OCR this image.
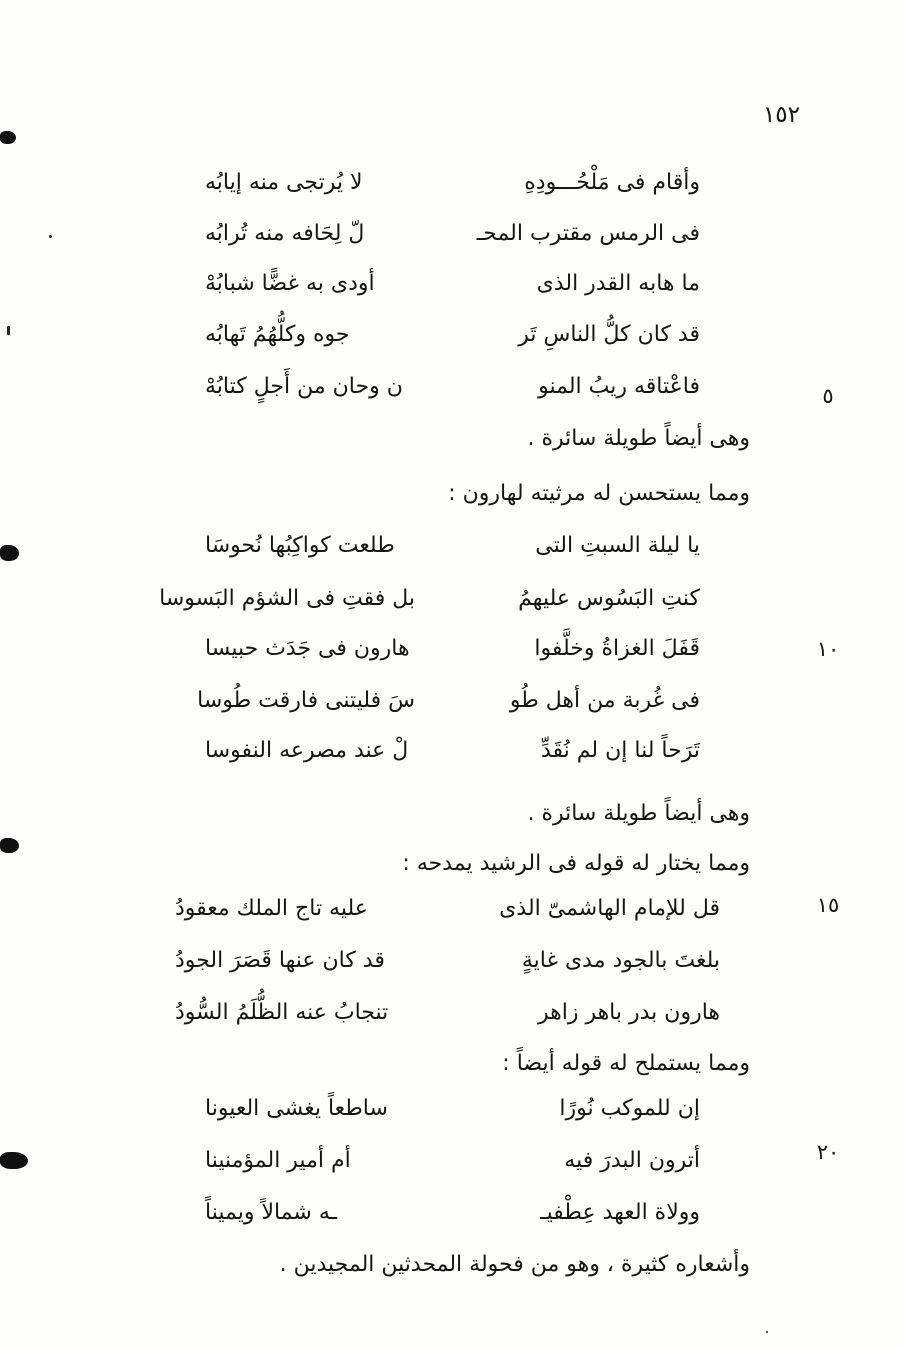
١٥٢
وأقام فى مَلْحُـــودِهِ
لا يُرتجى منه إيابُه
فى الرمس مقترب المحـ
لّ لِحَافه منه تُرابُه
ما هابه القدر الذى
أودى به غضًّا شبابُهْ
قد كان كلُّ الناسِ تَر
جوه وكلُّهُمُ تَهابُه
٥
فاعْتاقه ريبُ المنو
ن وحان من أَجلٍ كتابُهْ
وهى أيضاً طويلة سائرة .
ومما يستحسن له مرثيته لهارون :
يا ليلة السبتِ التى
طلعت كواكِبُها نُحوسَا
كنتِ البَسُوس عليهمُ
بل فقتِ فى الشؤم البَسوسا
١٠
قَفَلَ الغزاةُ وخلَّفوا
هارون فى جَدَث حبيسا
فى غُربة من أهل طُو
سَ فليتنى فارقت طُوسا
تَرَحاً لنا إن لم نُقَدِّ
لْ عند مصرعه النفوسا
وهى أيضاً طويلة سائرة .
ومما يختار له قوله فى الرشيد يمدحه :
١٥
قل للإمام الهاشمىّ الذى
عليه تاج الملك معقودُ
بلغتَ بالجود مدى غايةٍ
قد كان عنها قَصَرَ الجودُ
هارون بدر باهر زاهر
تنجابُ عنه الظُّلَمُ السُّودُ
ومما يستملح له قوله أيضاً :
إن للموكب نُورًا
ساطعاً يغشى العيونا
٢٠
أترون البدرَ فيه
أم أمير المؤمنينا
وولاة العهد عِطْفيـ
ـه شمالاً ويميناً
وأشعاره كثيرة ، وهو من فحولة المحدثين المجيدين .
